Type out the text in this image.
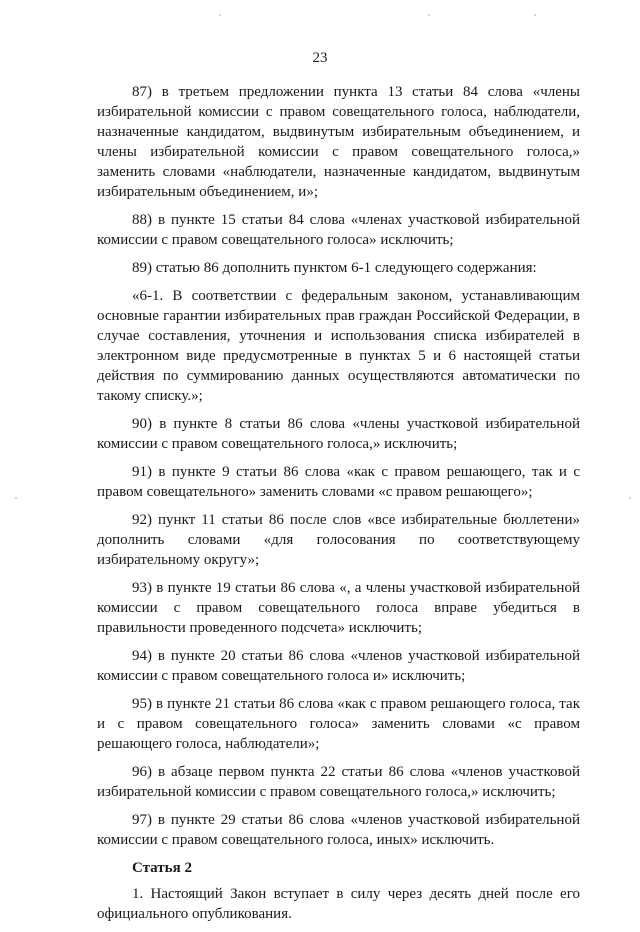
23

87) в третьем предложении пункта 13 статьи 84 слова «члены избирательной комиссии с правом совещательного голоса, наблюдатели, назначенные кандидатом, выдвинутым избирательным объединением, и члены избирательной комиссии с правом совещательного голоса,» заменить словами «наблюдатели, назначенные кандидатом, выдвинутым избирательным объединением, и»;

88) в пункте 15 статьи 84 слова «членах участковой избирательной комиссии с правом совещательного голоса» исключить;

89) статью 86 дополнить пунктом 6-1 следующего содержания:

«6-1. В соответствии с федеральным законом, устанавливающим основные гарантии избирательных прав граждан Российской Федерации, в случае составления, уточнения и использования списка избирателей в электронном виде предусмотренные в пунктах 5 и 6 настоящей статьи действия по суммированию данных осуществляются автоматически по такому списку.»;

90) в пункте 8 статьи 86 слова «члены участковой избирательной комиссии с правом совещательного голоса,» исключить;

91) в пункте 9 статьи 86 слова «как с правом решающего, так и с правом совещательного» заменить словами «с правом решающего»;

92) пункт 11 статьи 86 после слов «все избирательные бюллетени» дополнить словами «для голосования по соответствующему избирательному округу»;

93) в пункте 19 статьи 86 слова «, а члены участковой избирательной комиссии с правом совещательного голоса вправе убедиться в правильности проведенного подсчета» исключить;

94) в пункте 20 статьи 86 слова «членов участковой избирательной комиссии с правом совещательного голоса и» исключить;

95) в пункте 21 статьи 86 слова «как с правом решающего голоса, так и с правом совещательного голоса» заменить словами «с правом решающего голоса, наблюдатели»;

96) в абзаце первом пункта 22 статьи 86 слова «членов участковой избирательной комиссии с правом совещательного голоса,» исключить;

97) в пункте 29 статьи 86 слова «членов участковой избирательной комиссии с правом совещательного голоса, иных» исключить.

Статья 2

1. Настоящий Закон вступает в силу через десять дней после его официального опубликования.
